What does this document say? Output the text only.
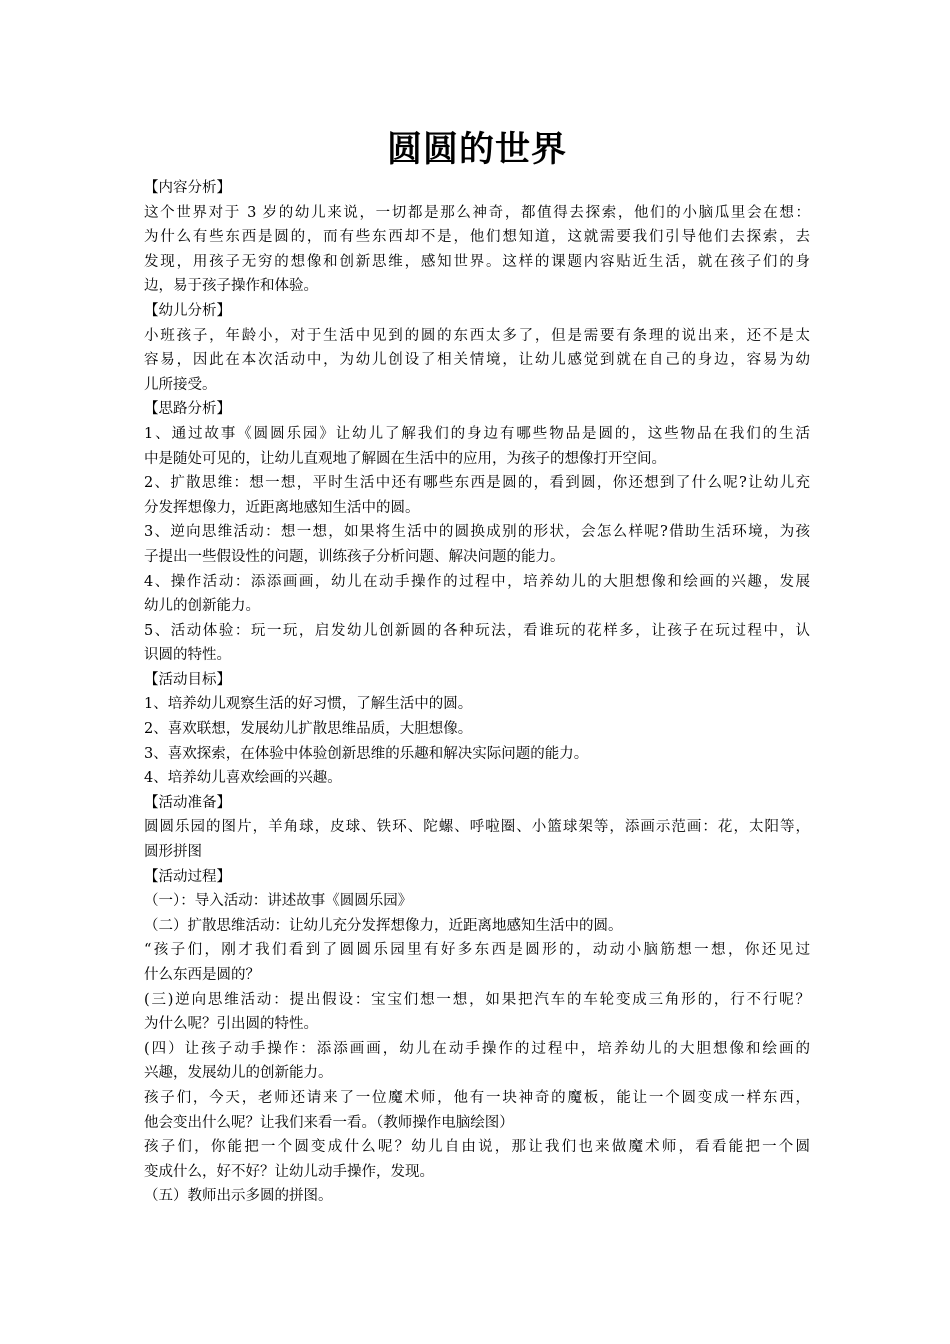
圆圆的世界
【内容分析】
这个世界对于 3 岁的幼儿来说，一切都是那么神奇，都值得去探索，他们的小脑瓜里会在想：
为什么有些东西是圆的，而有些东西却不是，他们想知道，这就需要我们引导他们去探索，去
发现，用孩子无穷的想像和创新思维，感知世界。这样的课题内容贴近生活，就在孩子们的身
边，易于孩子操作和体验。
【幼儿分析】
小班孩子，年龄小，对于生活中见到的圆的东西太多了，但是需要有条理的说出来，还不是太
容易，因此在本次活动中，为幼儿创设了相关情境，让幼儿感觉到就在自己的身边，容易为幼
儿所接受。
【思路分析】
1、通过故事《圆圆乐园》让幼儿了解我们的身边有哪些物品是圆的，这些物品在我们的生活
中是随处可见的，让幼儿直观地了解圆在生活中的应用，为孩子的想像打开空间。
2、扩散思维：想一想，平时生活中还有哪些东西是圆的，看到圆，你还想到了什么呢?让幼儿充
分发挥想像力，近距离地感知生活中的圆。
3、逆向思维活动：想一想，如果将生活中的圆换成别的形状，会怎么样呢?借助生活环境，为孩
子提出一些假设性的问题，训练孩子分析问题、解决问题的能力。
4、操作活动：添添画画，幼儿在动手操作的过程中，培养幼儿的大胆想像和绘画的兴趣，发展
幼儿的创新能力。
5、活动体验：玩一玩，启发幼儿创新圆的各种玩法，看谁玩的花样多，让孩子在玩过程中，认
识圆的特性。
【活动目标】
1、培养幼儿观察生活的好习惯，了解生活中的圆。
2、喜欢联想，发展幼儿扩散思维品质，大胆想像。
3、喜欢探索，在体验中体验创新思维的乐趣和解决实际问题的能力。
4、培养幼儿喜欢绘画的兴趣。
【活动准备】
圆圆乐园的图片，羊角球，皮球、铁环、陀螺、呼啦圈、小篮球架等，添画示范画：花，太阳等，
圆形拼图
【活动过程】
（一）：导入活动：讲述故事《圆圆乐园》
（二）扩散思维活动：让幼儿充分发挥想像力，近距离地感知生活中的圆。
“孩子们，刚才我们看到了圆圆乐园里有好多东西是圆形的，动动小脑筋想一想，你还见过
什么东西是圆的？
(三)逆向思维活动：提出假设：宝宝们想一想，如果把汽车的车轮变成三角形的，行不行呢？
为什么呢？引出圆的特性。
(四）让孩子动手操作：添添画画，幼儿在动手操作的过程中，培养幼儿的大胆想像和绘画的
兴趣，发展幼儿的创新能力。
孩子们，今天，老师还请来了一位魔术师，他有一块神奇的魔板，能让一个圆变成一样东西，
他会变出什么呢？让我们来看一看。（教师操作电脑绘图）
孩子们，你能把一个圆变成什么呢？幼儿自由说，那让我们也来做魔术师，看看能把一个圆
变成什么，好不好？让幼儿动手操作，发现。
（五）教师出示多圆的拼图。
